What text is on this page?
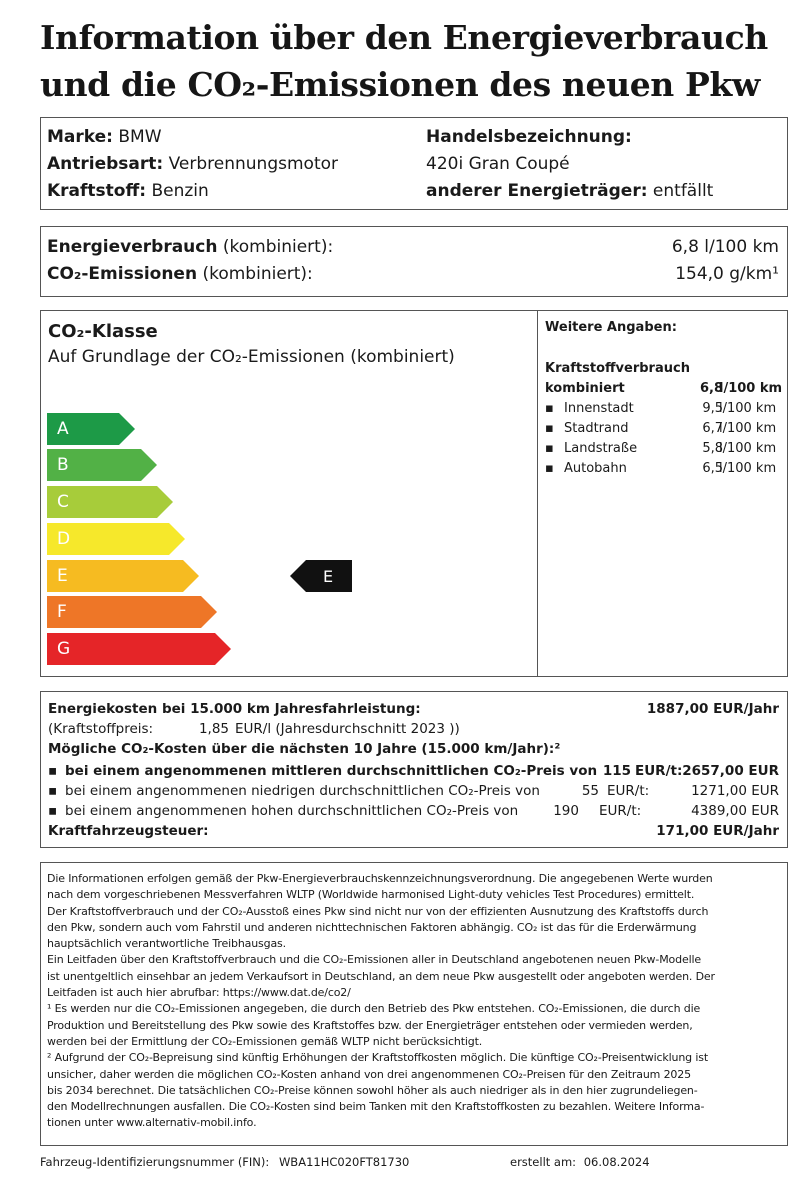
Information über den Energieverbrauch
und die CO₂-Emissionen des neuen Pkw
Marke: BMW
Antriebsart: Verbrennungsmotor
Kraftstoff: Benzin
Handelsbezeichnung:
420i Gran Coupé
anderer Energieträger: entfällt
Energieverbrauch (kombiniert):	6,8 l/100 km
CO₂-Emissionen (kombiniert):	154,0 g/km¹
CO₂-Klasse
Auf Grundlage der CO₂-Emissionen (kombiniert)
A
B
C
D
E
F
G
E
Weitere Angaben:
Kraftstoffverbrauch
kombiniert	6,8
l/100 km
▪ Innenstadt	9,5
l/100 km
▪ Stadtrand	6,7
l/100 km
▪ Landstraße	5,8
l/100 km
▪ Autobahn	6,5
l/100 km
Energiekosten bei 15.000 km Jahresfahrleistung:	1887,00 EUR/Jahr
(Kraftstoffpreis:	1,85 EUR/l (Jahresdurchschnitt 2023 ))
Mögliche CO₂-Kosten über die nächsten 10 Jahre (15.000 km/Jahr):²
▪ bei einem angenommenen mittleren durchschnittlichen CO₂-Preis von 115 EUR/t: 2657,00 EUR
▪ bei einem angenommenen niedrigen durchschnittlichen CO₂-Preis von	55 EUR/t:	1271,00 EUR
▪ bei einem angenommenen hohen durchschnittlichen CO₂-Preis von	190 EUR/t:	4389,00 EUR
Kraftfahrzeugsteuer:	171,00 EUR/Jahr

Die Informationen erfolgen gemäß der Pkw-Energieverbrauchskennzeichnungsverordnung. Die angegebenen Werte wurden

nach dem vorgeschriebenen Messverfahren WLTP (Worldwide harmonised Light-duty vehicles Test Procedures) ermittelt.

Der Kraftstoffverbrauch und der CO₂-Ausstoß eines Pkw sind nicht nur von der effizienten Ausnutzung des Kraftstoffs durch

den Pkw, sondern auch vom Fahrstil und anderen nichttechnischen Faktoren abhängig. CO₂ ist das für die Erderwärmung

hauptsächlich verantwortliche Treibhausgas.

Ein Leitfaden über den Kraftstoffverbrauch und die CO₂-Emissionen aller in Deutschland angebotenen neuen Pkw-Modelle

ist unentgeltlich einsehbar an jedem Verkaufsort in Deutschland, an dem neue Pkw ausgestellt oder angeboten werden. Der

Leitfaden ist auch hier abrufbar: https://www.dat.de/co2/

¹ Es werden nur die CO₂-Emissionen angegeben, die durch den Betrieb des Pkw entstehen. CO₂-Emissionen, die durch die

Produktion und Bereitstellung des Pkw sowie des Kraftstoffes bzw. der Energieträger entstehen oder vermieden werden,

werden bei der Ermittlung der CO₂-Emissionen gemäß WLTP nicht berücksichtigt.

² Aufgrund der CO₂-Bepreisung sind künftig Erhöhungen der Kraftstoffkosten möglich. Die künftige CO₂-Preisentwicklung ist

unsicher, daher werden die möglichen CO₂-Kosten anhand von drei angenommenen CO₂-Preisen für den Zeitraum 2025

bis 2034 berechnet. Die tatsächlichen CO₂-Preise können sowohl höher als auch niedriger als in den hier zugrundeliegen-

den Modellrechnungen ausfallen. Die CO₂-Kosten sind beim Tanken mit den Kraftstoffkosten zu bezahlen. Weitere Informa-

tionen unter www.alternativ-mobil.info.

Fahrzeug-Identifizierungsnummer (FIN): WBA11HC020FT81730	erstellt am: 06.08.2024
